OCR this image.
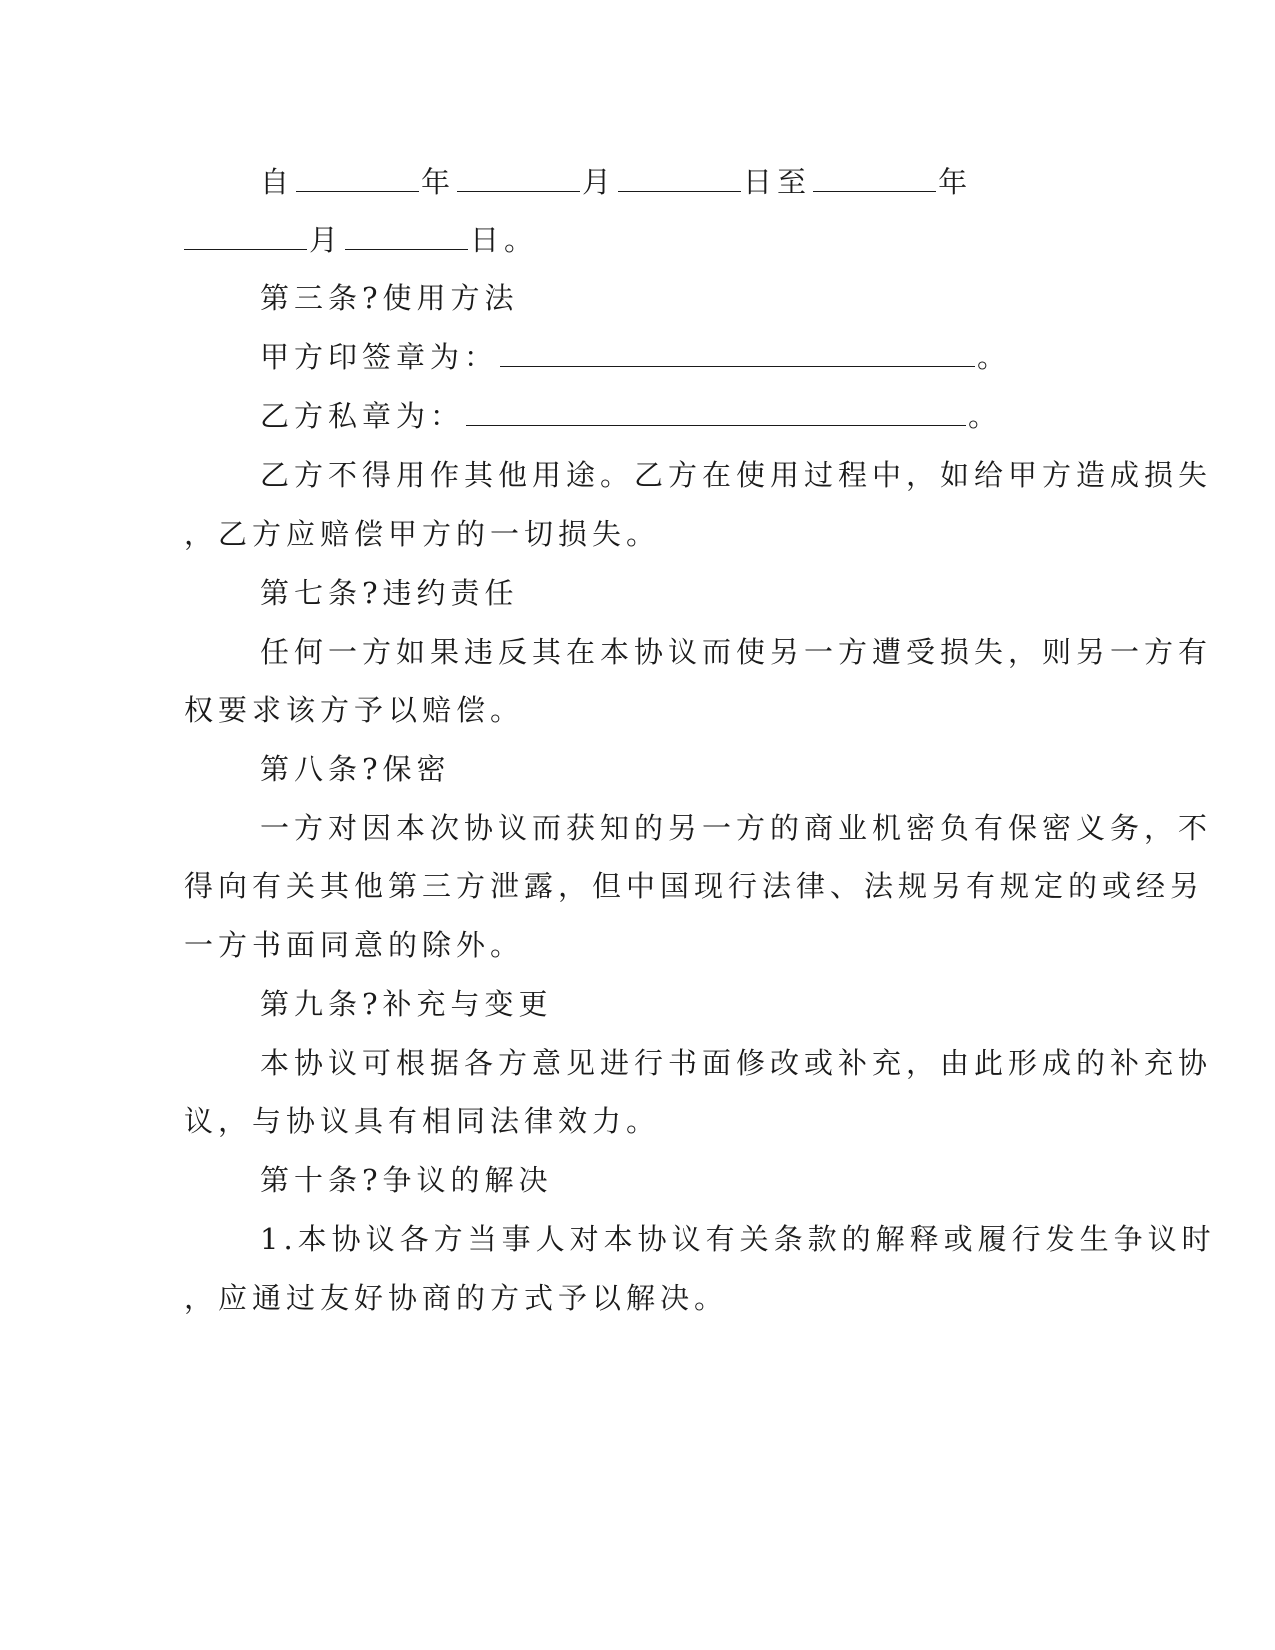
自	年	月	日至	年
月	日。
第三条?使用方法
甲方印签章为：	。
乙方私章为：	。
乙方不得用作其他用途。乙方在使用过程中，如给甲方造成损失
，乙方应赔偿甲方的一切损失。
第七条?违约责任
任何一方如果违反其在本协议而使另一方遭受损失，则另一方有
权要求该方予以赔偿。
第八条?保密
一方对因本次协议而获知的另一方的商业机密负有保密义务，不
得向有关其他第三方泄露，但中国现行法律、法规另有规定的或经另
一方书面同意的除外。
第九条?补充与变更
本协议可根据各方意见进行书面修改或补充，由此形成的补充协
议，与协议具有相同法律效力。
第十条?争议的解决
1.本协议各方当事人对本协议有关条款的解释或履行发生争议时
，应通过友好协商的方式予以解决。
